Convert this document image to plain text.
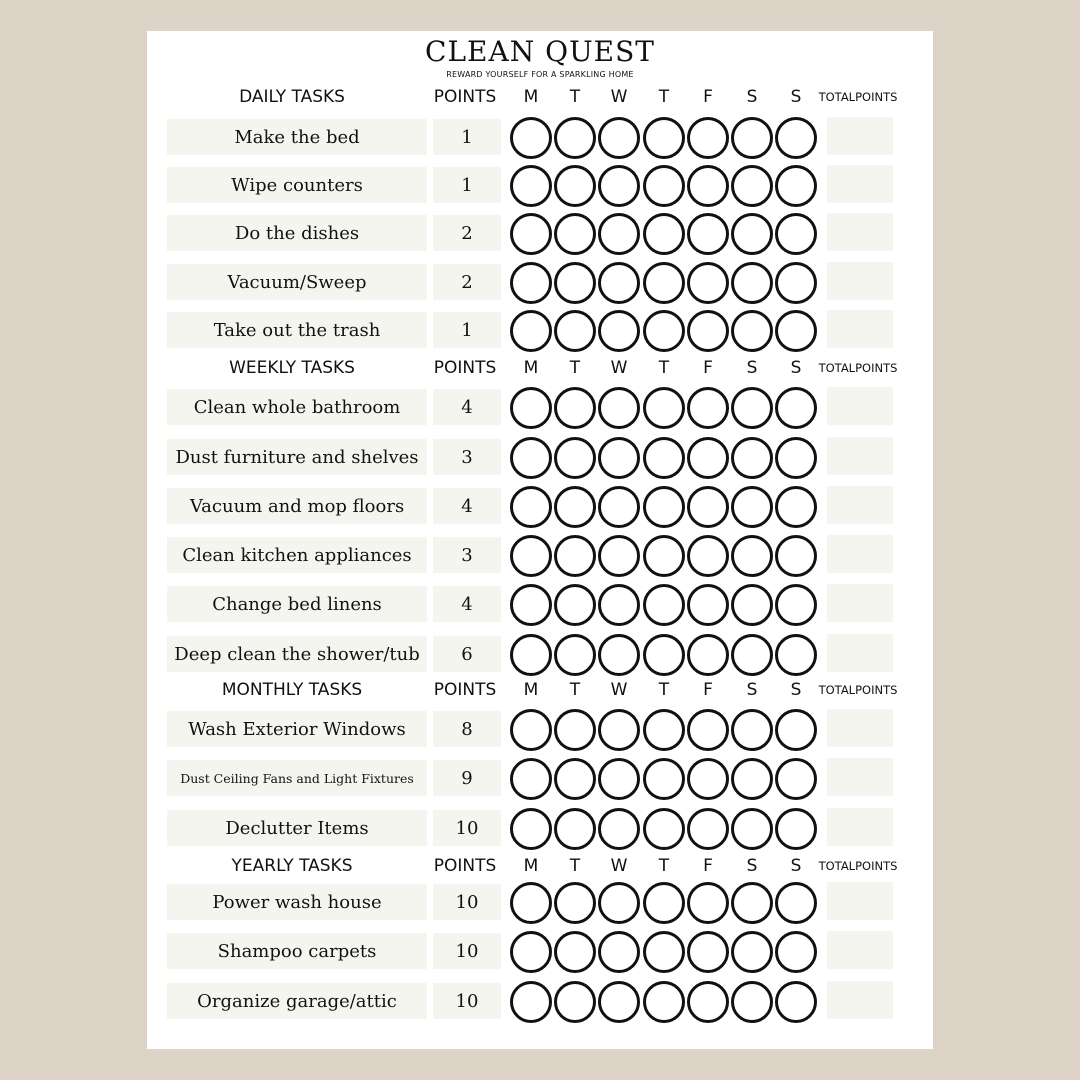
CLEAN QUEST
REWARD YOURSELF FOR A SPARKLING HOME
DAILY TASKS	POINTS	M	T	W	T	F	S	S	TOTAL POINTS
Make the bed	1
Wipe counters	1
Do the dishes	2
Vacuum/Sweep	2
Take out the trash	1
WEEKLY TASKS	POINTS	M	T	W	T	F	S	S	TOTAL POINTS
Clean whole bathroom	4
Dust furniture and shelves	3
Vacuum and mop floors	4
Clean kitchen appliances	3
Change bed linens	4
Deep clean the shower/tub	6
MONTHLY TASKS	POINTS	M	T	W	T	F	S	S	TOTAL POINTS
Wash Exterior Windows	8
Dust Ceiling Fans and Light Fixtures	9
Declutter Items	10
YEARLY TASKS	POINTS	M	T	W	T	F	S	S	TOTAL POINTS
Power wash house	10
Shampoo carpets	10
Organize garage/attic	10
